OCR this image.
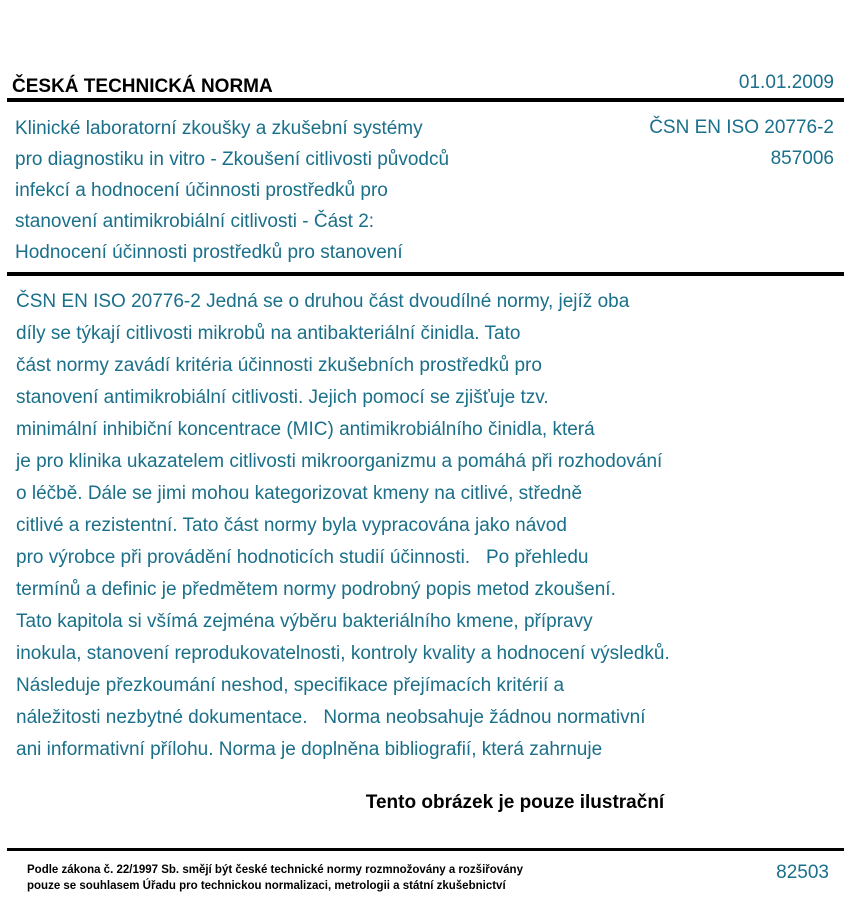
ČESKÁ TECHNICKÁ NORMA	01.01.2009
Klinické laboratorní zkoušky a zkušební systémy
pro diagnostiku in vitro - Zkoušení citlivosti původců
infekcí a hodnocení účinnosti prostředků pro
stanovení antimikrobiální citlivosti - Část 2:
Hodnocení účinnosti prostředků pro stanovení
ČSN EN ISO 20776-2
857006
ČSN EN ISO 20776-2 Jedná se o druhou část dvoudílné normy, jejíž oba
díly se týkají citlivosti mikrobů na antibakteriální činidla. Tato
část normy zavádí kritéria účinnosti zkušebních prostředků pro
stanovení antimikrobiální citlivosti. Jejich pomocí se zjišťuje tzv.
minimální inhibiční koncentrace (MIC) antimikrobiálního činidla, která
je pro klinika ukazatelem citlivosti mikroorganizmu a pomáhá při rozhodování
o léčbě. Dále se jimi mohou kategorizovat kmeny na citlivé, středně
citlivé a rezistentní. Tato část normy byla vypracována jako návod
pro výrobce při provádění hodnoticích studií účinnosti.   Po přehledu
termínů a definic je předmětem normy podrobný popis metod zkoušení.
Tato kapitola si všímá zejména výběru bakteriálního kmene, přípravy
inokula, stanovení reprodukovatelnosti, kontroly kvality a hodnocení výsledků.
Následuje přezkoumání neshod, specifikace přejímacích kritérií a
náležitosti nezbytné dokumentace.   Norma neobsahuje žádnou normativní
ani informativní přílohu. Norma je doplněna bibliografií, která zahrnuje
Tento obrázek je pouze ilustrační
Podle zákona č. 22/1997 Sb. smějí být české technické normy rozmnožovány a rozšiřovány
pouze se souhlasem Úřadu pro technickou normalizaci, metrologii a státní zkušebnictví
82503
